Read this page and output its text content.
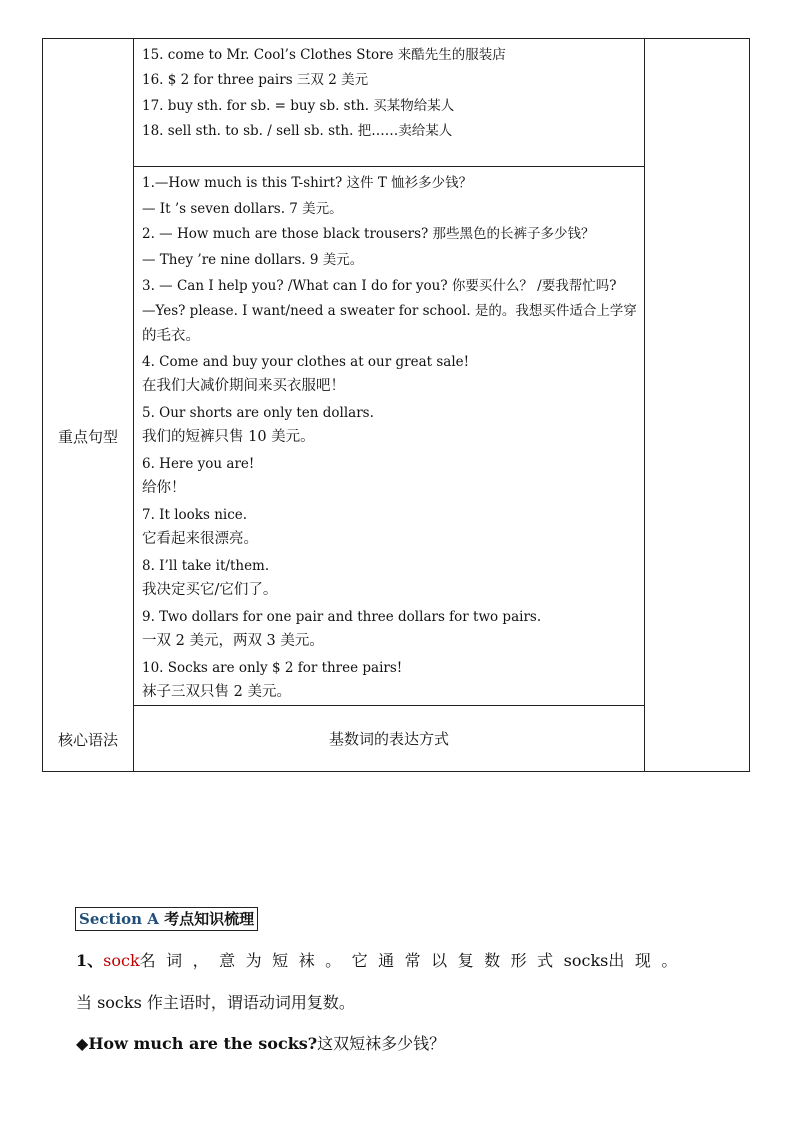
15. come to Mr. Cool’s Clothes Store 来酷先生的服装店
16. $ 2 for three pairs 三双 2 美元
17. buy sth. for sb. = buy sb. sth. 买某物给某人
18. sell sth. to sb. / sell sb. sth. 把……卖给某人
重点句型
1.—How much is this T-shirt? 这件 T 恤衫多少钱？
— It ’s seven dollars. 7 美元。
2. — How much are those black trousers? 那些黑色的长裤子多少钱？
— They ’re nine dollars. 9 美元。
3. — Can I help you? /What can I do for you? 你要买什么？ /要我帮忙吗?
—Yes? please. I want/need a sweater for school. 是的。我想买件适合上学穿
的毛衣。
4. Come and buy your clothes at our great sale!
在我们大减价期间来买衣服吧！
5. Our shorts are only ten dollars.
我们的短裤只售 10 美元。
6. Here you are!
给你！
7. It looks nice.
它看起来很漂亮。
8. I’ll take it/them.
我决定买它/它们了。
9. Two dollars for one pair and three dollars for two pairs.
一双 2 美元，两双 3 美元。
10. Socks are only $ 2 for three pairs!
袜子三双只售 2 美元。
核心语法	基数词的表达方式
Section A 考点知识梳理
1、sock名词，意为短袜。它通常以复数形式socks出现。
当 socks 作主语时，谓语动词用复数。
◆How much are the socks?这双短袜多少钱？
